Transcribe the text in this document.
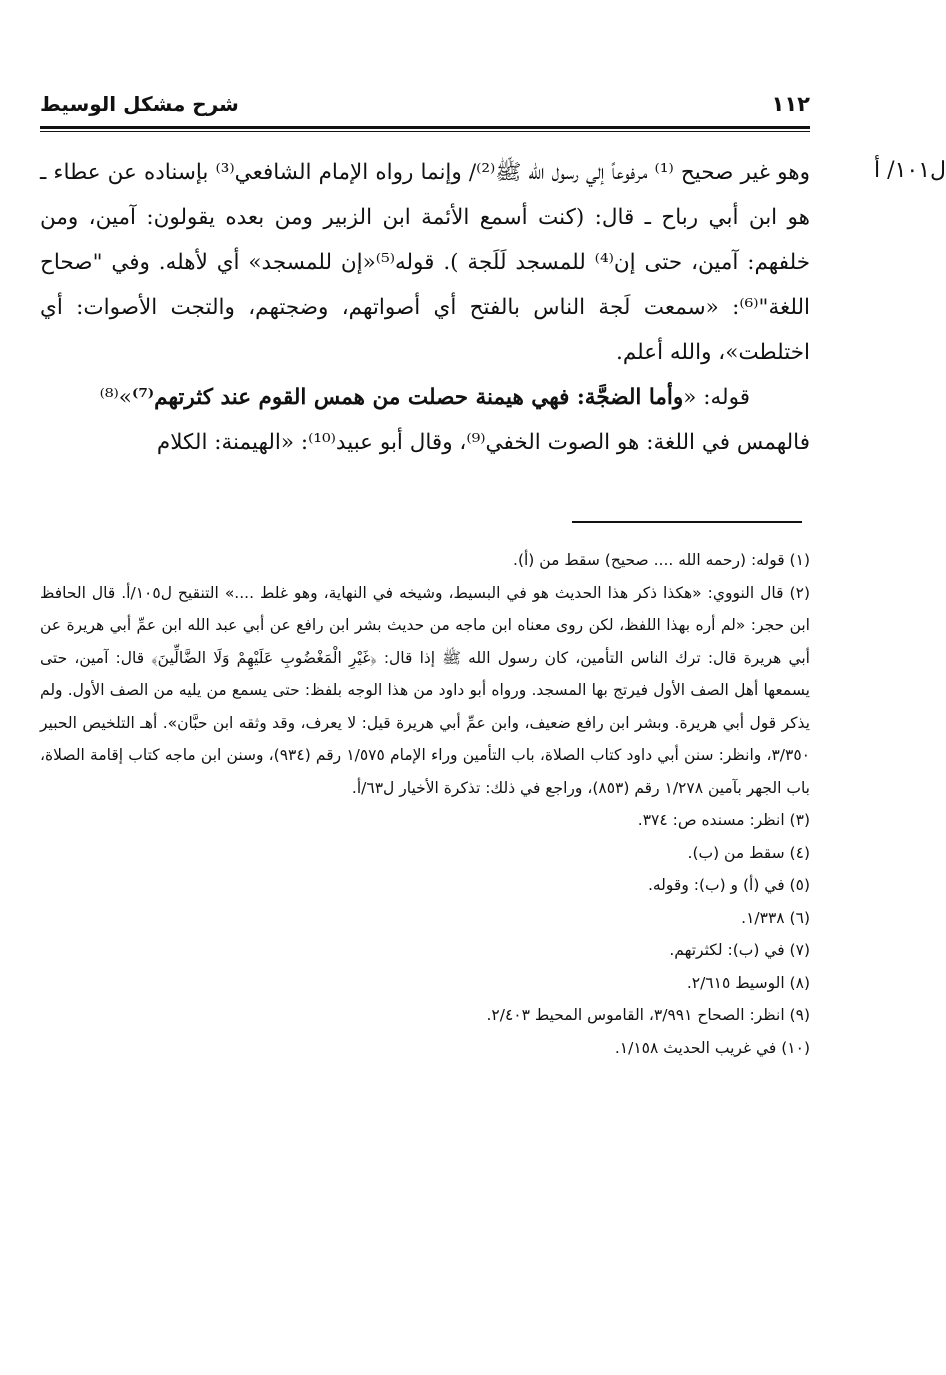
١١٢
شرح مشكل الوسيط
ل١٠١/ أ

وهو غير صحيح ⁽¹⁾ مرفوعاً إلي رسول الله ﷺ⁽²⁾/ وإنما رواه الإمام الشافعي⁽³⁾ بإسناده عن عطاء ـ هو ابن أبي رباح ـ قال: (كنت أسمع الأئمة ابن الزبير ومن بعده يقولون: آمين، ومن خلفهم: آمين، حتى إن⁽⁴⁾ للمسجد لَلَجة ). قوله⁽⁵⁾«إن للمسجد» أي لأهله. وفي "صحاح اللغة"⁽⁶⁾: «سمعت لَجة الناس بالفتح أي أصواتهم، وضجتهم، والتجت الأصوات: أي اختلطت»، والله أعلم.

قوله: «وأما الضجَّة: فهي هيمنة حصلت من همس القوم عند كثرتهم⁽⁷⁾»⁽⁸⁾

فالهمس في اللغة: هو الصوت الخفي⁽⁹⁾، وقال أبو عبيد⁽¹⁰⁾: «الهيمنة: الكلام

(١) قوله: (رحمه الله .... صحيح) سقط من (أ).

(٢) قال النووي: «هكذا ذكر هذا الحديث هو في البسيط، وشيخه في النهاية، وهو غلط ....» التنقيح ل١٠٥/أ. قال الحافظ ابن حجر: «لم أره بهذا اللفظ، لكن روى معناه ابن ماجه من حديث بشر ابن رافع عن أبي عبد الله ابن عمِّ أبي هريرة عن أبي هريرة قال: ترك الناس التأمين، كان رسول الله ﷺ إذا قال: ﴿غَيْرِ الْمَغْضُوبِ عَلَيْهِمْ وَلَا الضَّالِّينَ﴾ قال: آمين، حتى يسمعها أهل الصف الأول فيرتج بها المسجد. ورواه أبو داود من هذا الوجه بلفظ: حتى يسمع من يليه من الصف الأول. ولم يذكر قول أبي هريرة. وبشر ابن رافع ضعيف، وابن عمِّ أبي هريرة قيل: لا يعرف، وقد وثقه ابن حبَّان». أهـ التلخيص الحبير ٣/٣٥٠، وانظر: سنن أبي داود كتاب الصلاة، باب التأمين وراء الإمام ١/٥٧٥ رقم (٩٣٤)، وسنن ابن ماجه كتاب إقامة الصلاة، باب الجهر بآمين ١/٢٧٨ رقم (٨٥٣)، وراجع في ذلك: تذكرة الأخيار ل٦٣/أ.

(٣) انظر: مسنده ص: ٣٧٤.

(٤) سقط من (ب).

(٥) في (أ) و (ب): وقوله.

(٦) ١/٣٣٨.

(٧) في (ب): لكثرتهم.

(٨) الوسيط ٢/٦١٥.

(٩) انظر: الصحاح ٣/٩٩١، القاموس المحيط ٢/٤٠٣.

(١٠) في غريب الحديث ١/١٥٨.
